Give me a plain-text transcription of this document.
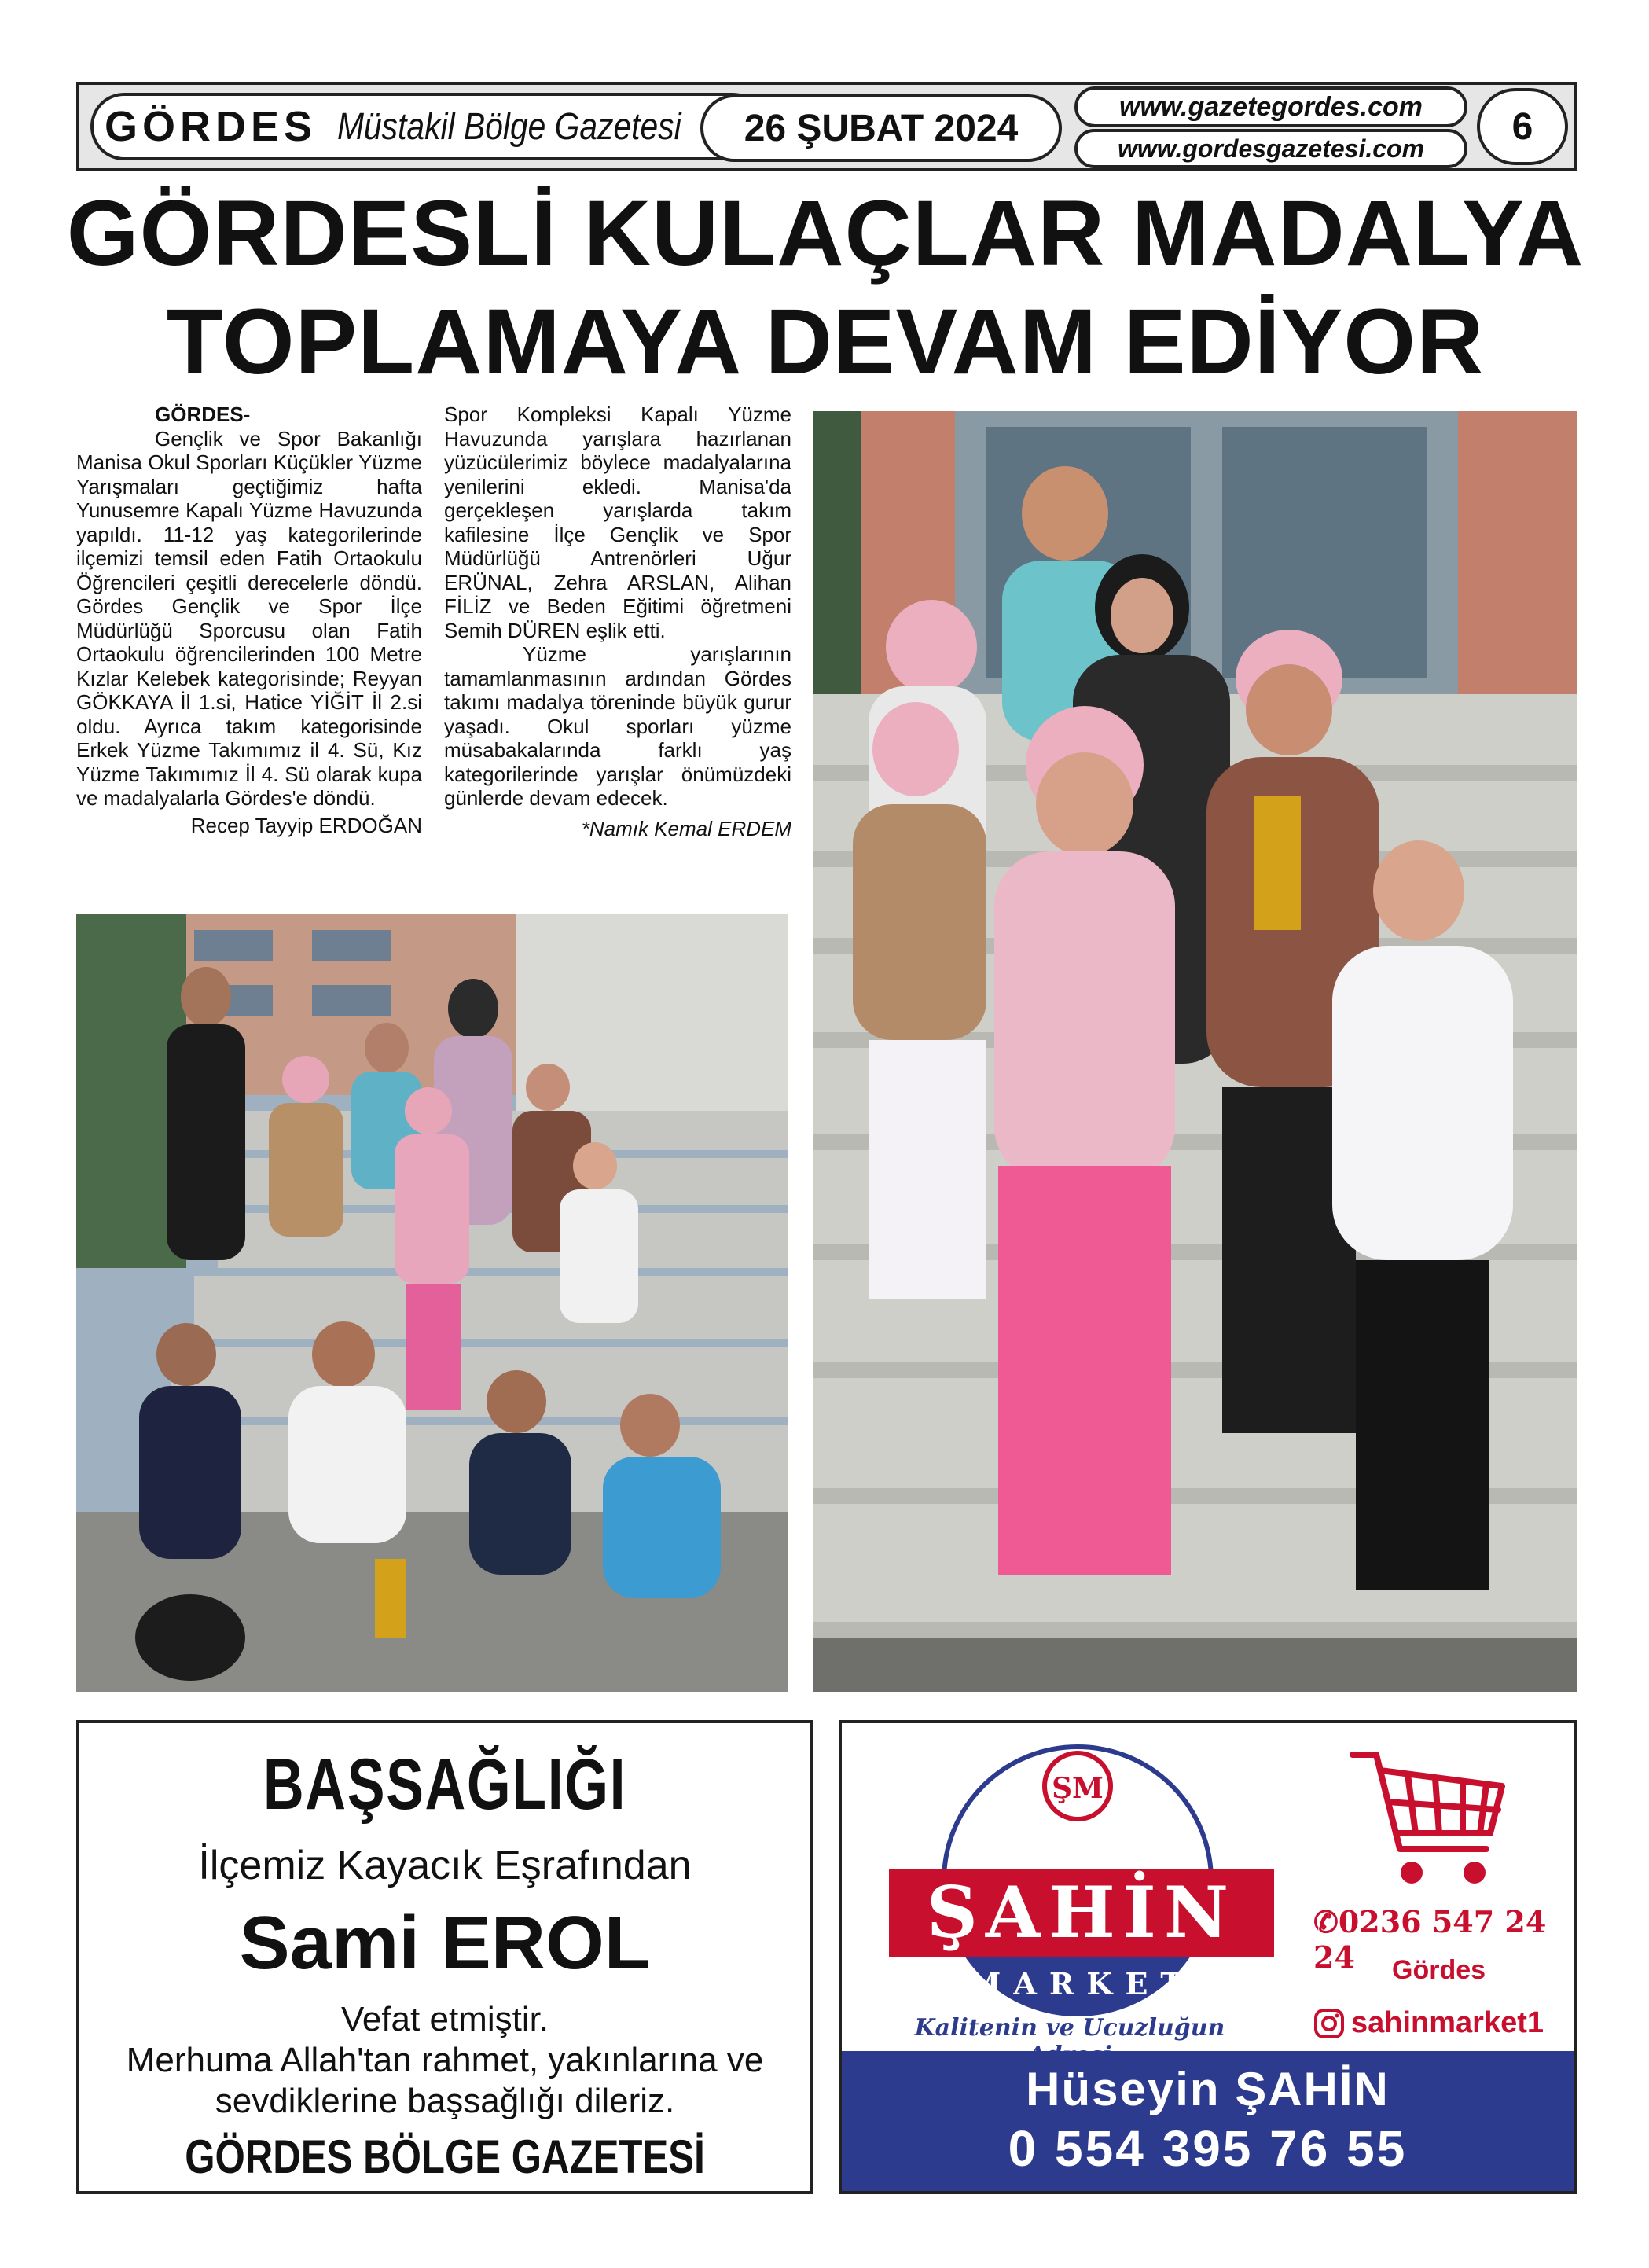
GÖRDES Müstakil Bölge Gazetesi	26 ŞUBAT 2024
www.gazetegordes.com
www.gordesgazetesi.com
6
GÖRDESLİ KULAÇLAR MADALYA
TOPLAMAYA DEVAM EDİYOR
GÖRDES-

Gençlik ve Spor Bakanlığı Manisa Okul Sporları Küçükler Yüzme Yarışmaları geçtiğimiz hafta Yunusemre Kapalı Yüzme Havuzunda yapıldı. 11-12 yaş kategorilerinde ilçemizi temsil eden Fatih Ortaokulu Öğrencileri çeşitli derecelerle döndü. Gördes Gençlik ve Spor İlçe Müdürlüğü Sporcusu olan Fatih Ortaokulu öğrencilerinden 100 Metre Kızlar Kelebek kategorisinde; Reyyan GÖKKAYA İl 1.si, Hatice YİĞİT İl 2.si oldu. Ayrıca takım kategorisinde Erkek Yüzme Takımımız il 4. Sü, Kız Yüzme Takımımız İl 4. Sü olarak kupa ve madalyalarla Gördes'e döndü.

Recep Tayyip ERDOĞAN

Spor Kompleksi Kapalı Yüzme Havuzunda yarışlara hazırlanan yüzücülerimiz böylece madalyalarına yenilerini ekledi. Manisa'da gerçekleşen yarışlarda takım kafilesine İlçe Gençlik ve Spor Müdürlüğü Antrenörleri Uğur ERÜNAL, Zehra ARSLAN, Alihan FİLİZ ve Beden Eğitimi öğretmeni Semih DÜREN eşlik etti.

Yüzme yarışlarının tamamlanmasının ardından Gördes takımı madalya töreninde büyük gurur yaşadı. Okul sporları yüzme müsabakalarında farklı yaş kategorilerinde yarışlar önümüzdeki günlerde devam edecek.

*Namık Kemal ERDEM
BAŞSAĞLIĞI
İlçemiz Kayacık Eşrafından
Sami EROL
Vefat etmiştir.
Merhuma Allah'tan rahmet, yakınlarına ve sevdiklerine başsağlığı dileriz.
GÖRDES BÖLGE GAZETESİ
ŞM
ŞAHİN
MARKET
✆0236 547 24 24	Gördes
sahinmarket1
Kalitenin ve Ucuzluğun
Hüseyin ŞAHİN
0 554 395 76 55
